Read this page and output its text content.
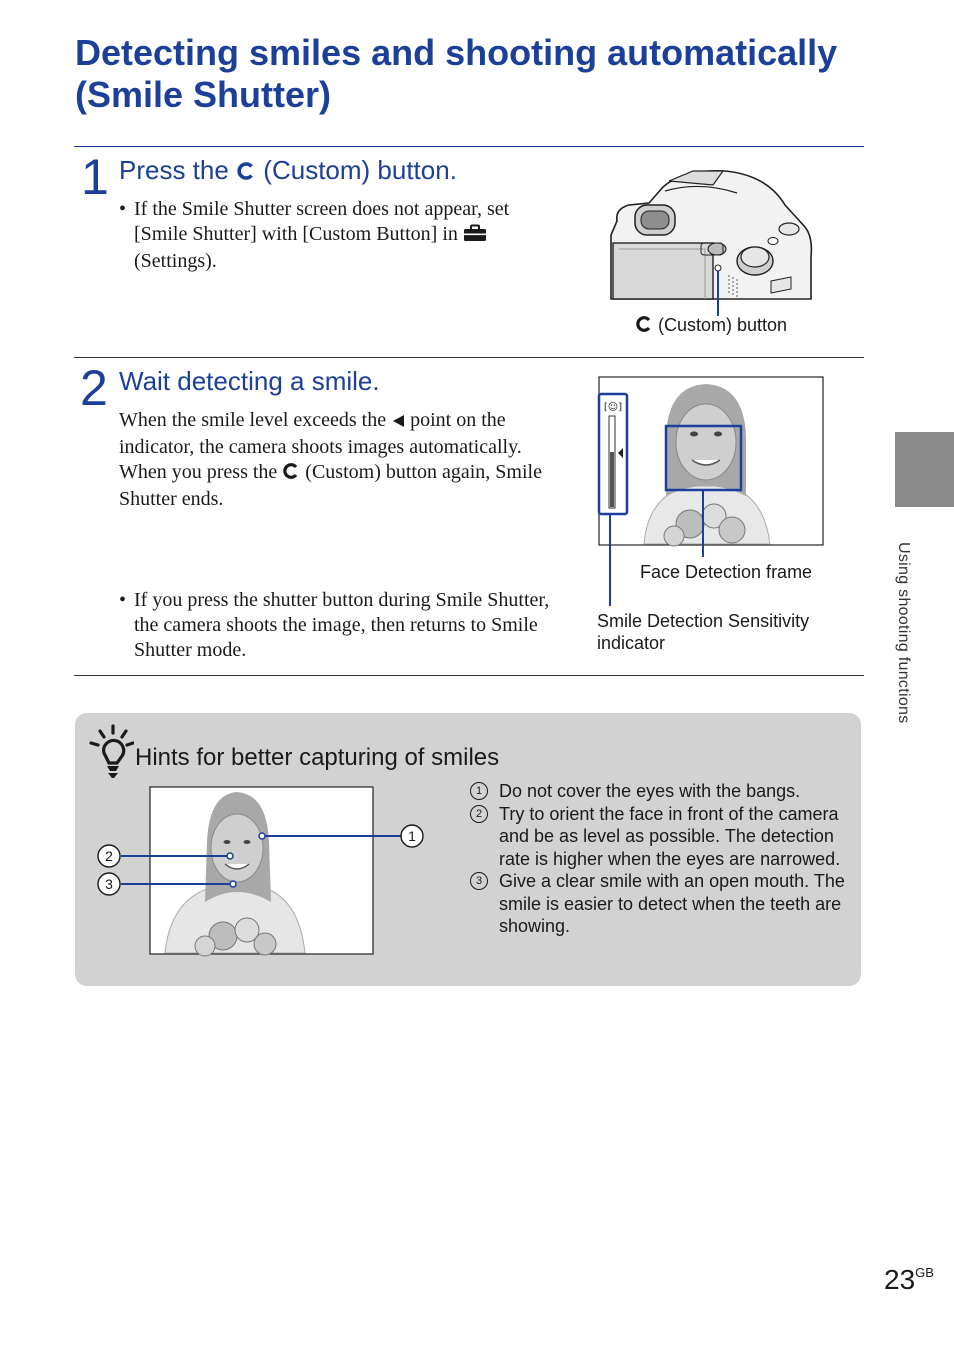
Detecting smiles and shooting automatically (Smile Shutter)
1 Press the (Custom) button.
• If the Smile Shutter screen does not appear, set [Smile Shutter] with [Custom Button] in  (Settings).
(Custom) button
2 Wait detecting a smile.
When the smile level exceeds the point on the indicator, the camera shoots images automatically. When you press the (Custom) button again, Smile Shutter ends.
• If you press the shutter button during Smile Shutter, the camera shoots the image, then returns to Smile Shutter mode.
[☺]
Face Detection frame
Smile Detection Sensitivity indicator
Hints for better capturing of smiles
1
2
3
1 Do not cover the eyes with the bangs.
2 Try to orient the face in front of the camera and be as level as possible. The detection rate is higher when the eyes are narrowed.
3 Give a clear smile with an open mouth. The smile is easier to detect when the teeth are showing.
Using shooting functions
$23^{GB}$
